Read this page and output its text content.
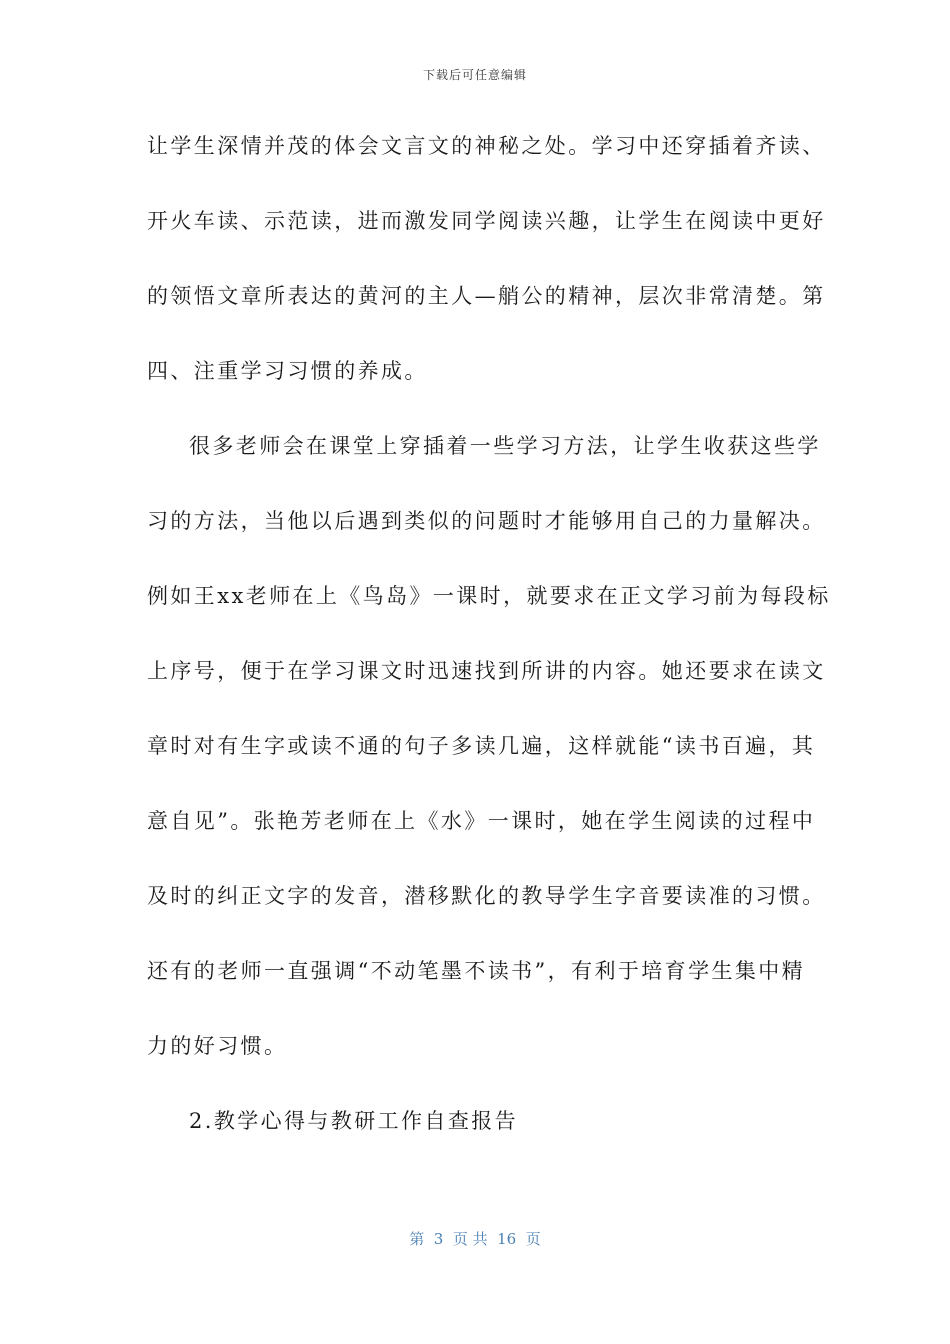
下载后可任意编辑
让学生深情并茂的体会文言文的神秘之处。学习中还穿插着齐读、
开火车读、示范读，进而激发同学阅读兴趣，让学生在阅读中更好
的领悟文章所表达的黄河的主人—艄公的精神，层次非常清楚。第
四、注重学习习惯的养成。
很多老师会在课堂上穿插着一些学习方法，让学生收获这些学
习的方法，当他以后遇到类似的问题时才能够用自己的力量解决。
例如王xx老师在上《鸟岛》一课时，就要求在正文学习前为每段标
上序号，便于在学习课文时迅速找到所讲的内容。她还要求在读文
章时对有生字或读不通的句子多读几遍，这样就能“读书百遍，其
意自见”。张艳芳老师在上《水》一课时，她在学生阅读的过程中
及时的纠正文字的发音，潜移默化的教导学生字音要读准的习惯。
还有的老师一直强调“不动笔墨不读书”，有利于培育学生集中精
力的好习惯。
2.教学心得与教研工作自查报告
第  3  页 共  16  页
